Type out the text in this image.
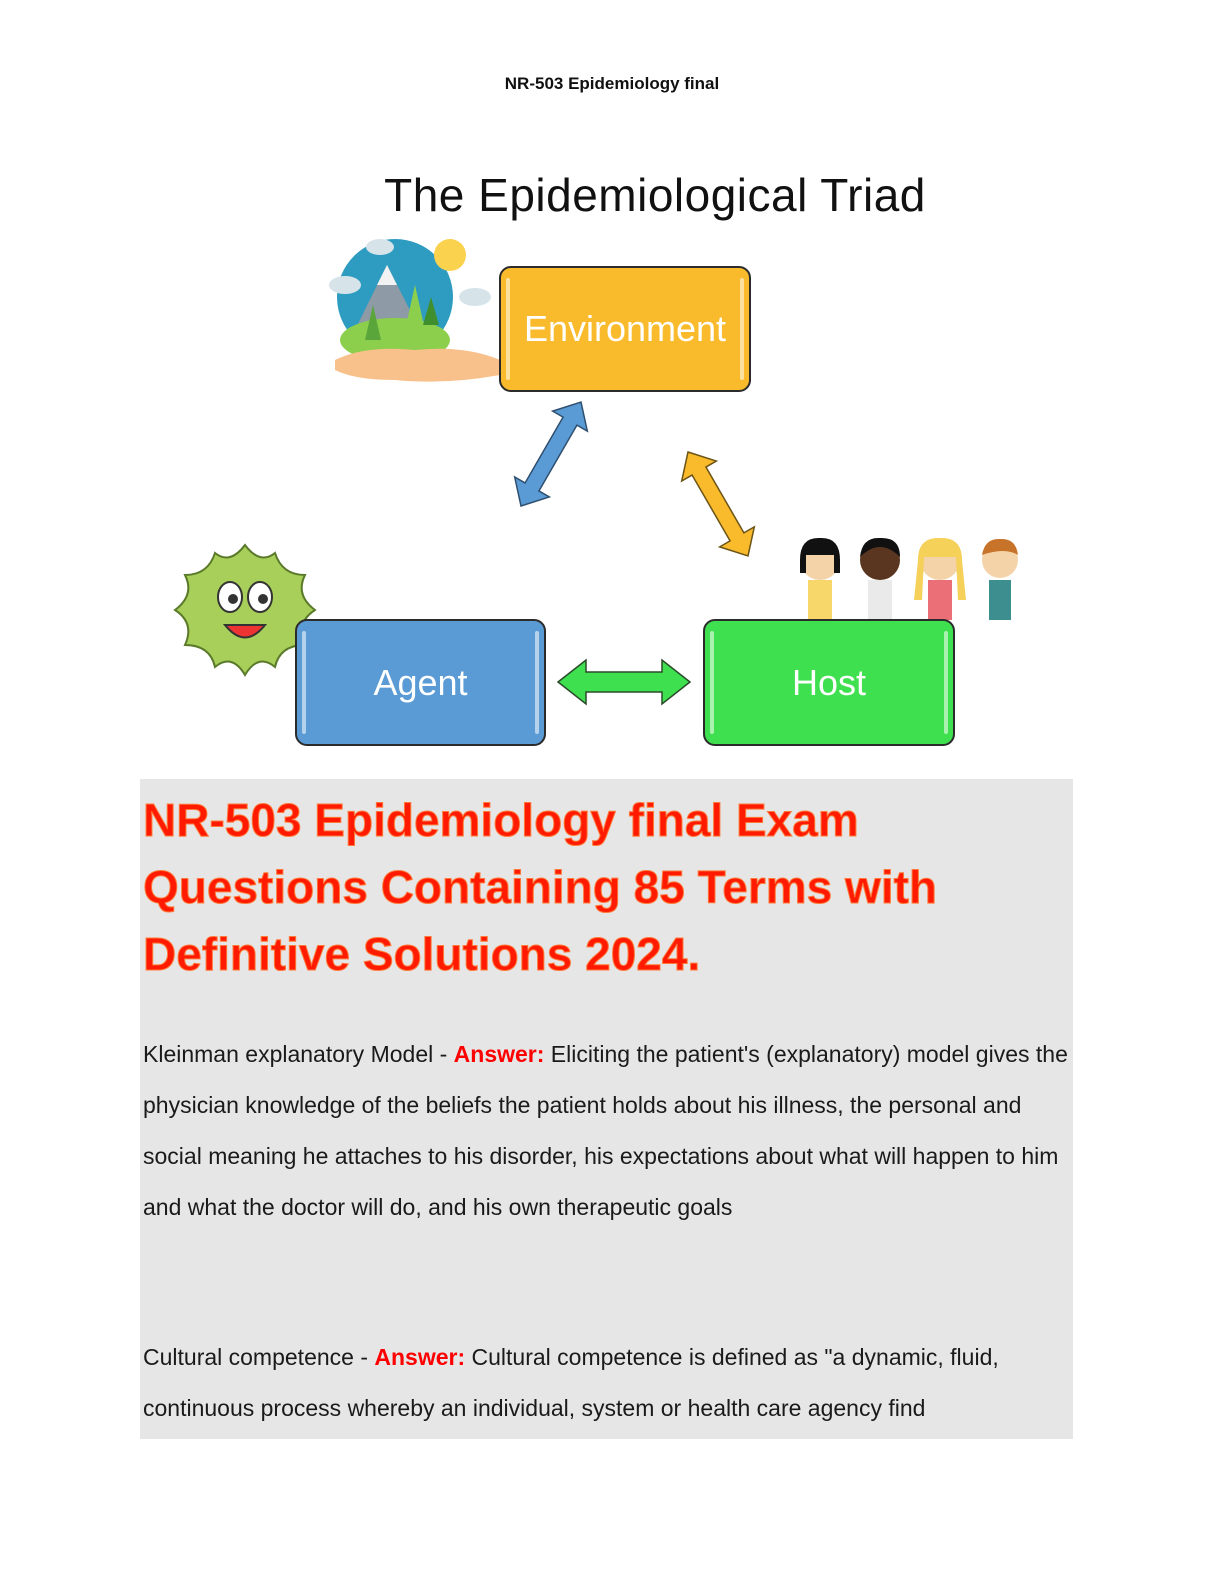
NR-503 Epidemiology final
The Epidemiological Triad
Environment
Agent	Host
NR-503 Epidemiology final Exam Questions Containing 85 Terms with Definitive Solutions 2024.
Kleinman explanatory Model - Answer: Eliciting the patient's (explanatory) model gives the physician knowledge of the beliefs the patient holds about his illness, the personal and social meaning he attaches to his disorder, his expectations about what will happen to him and what the doctor will do, and his own therapeutic goals
Cultural competence - Answer: Cultural competence is defined as "a dynamic, fluid, continuous process whereby an individual, system or health care agency find
